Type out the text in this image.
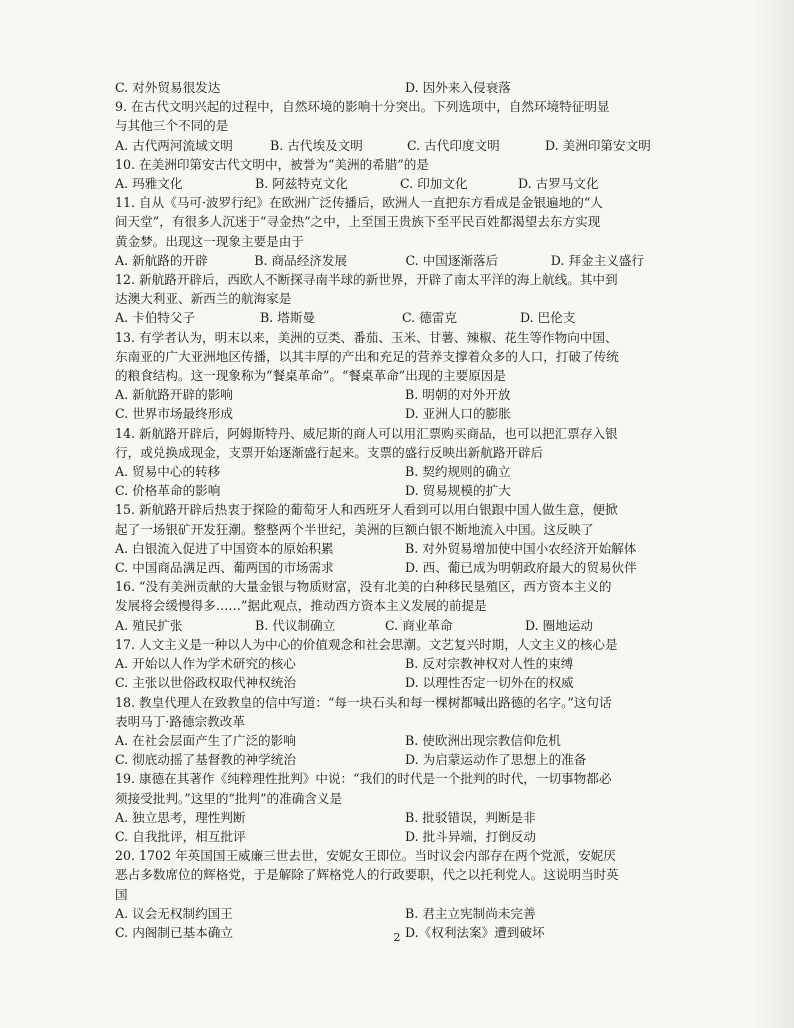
C. 对外贸易很发达	D. 因外来入侵衰落
9. 在古代文明兴起的过程中，自然环境的影响十分突出。下列选项中，自然环境特征明显
与其他三个不同的是
A. 古代两河流域文明	B. 古代埃及文明	C. 古代印度文明	D. 美洲印第安文明
10. 在美洲印第安古代文明中，被誉为“美洲的希腊”的是
A. 玛雅文化	B. 阿兹特克文化	C. 印加文化	D. 古罗马文化
11. 自从《马可·波罗行纪》在欧洲广泛传播后，欧洲人一直把东方看成是金银遍地的“人
间天堂”，有很多人沉迷于“寻金热”之中，上至国王贵族下至平民百姓都渴望去东方实现
黄金梦。出现这一现象主要是由于
A. 新航路的开辟	B. 商品经济发展	C. 中国逐渐落后	D. 拜金主义盛行
12. 新航路开辟后，西欧人不断探寻南半球的新世界，开辟了南太平洋的海上航线。其中到
达澳大利亚、新西兰的航海家是
A. 卡伯特父子	B. 塔斯曼	C. 德雷克	D. 巴伦支
13. 有学者认为，明末以来，美洲的豆类、番茄、玉米、甘薯、辣椒、花生等作物向中国、
东南亚的广大亚洲地区传播，以其丰厚的产出和充足的营养支撑着众多的人口，打破了传统
的粮食结构。这一现象称为“餐桌革命”。“餐桌革命”出现的主要原因是
A. 新航路开辟的影响	B. 明朝的对外开放
C. 世界市场最终形成	D. 亚洲人口的膨胀
14. 新航路开辟后，阿姆斯特丹、威尼斯的商人可以用汇票购买商品，也可以把汇票存入银
行，或兑换成现金，支票开始逐渐盛行起来。支票的盛行反映出新航路开辟后
A. 贸易中心的转移	B. 契约规则的确立
C. 价格革命的影响	D. 贸易规模的扩大
15. 新航路开辟后热衷于探险的葡萄牙人和西班牙人看到可以用白银跟中国人做生意，便掀
起了一场银矿开发狂潮。整整两个半世纪，美洲的巨额白银不断地流入中国。这反映了
A. 白银流入促进了中国资本的原始积累	B. 对外贸易增加使中国小农经济开始解体
C. 中国商品满足西、葡两国的市场需求	D. 西、葡已成为明朝政府最大的贸易伙伴
16. “没有美洲贡献的大量金银与物质财富，没有北美的白种移民垦殖区，西方资本主义的
发展将会缓慢得多……”据此观点，推动西方资本主义发展的前提是
A. 殖民扩张	B. 代议制确立	C. 商业革命	D. 圈地运动
17. 人文主义是一种以人为中心的价值观念和社会思潮。文艺复兴时期，人文主义的核心是
A. 开始以人作为学术研究的核心	B. 反对宗教神权对人性的束缚
C. 主张以世俗政权取代神权统治	D. 以理性否定一切外在的权威
18. 教皇代理人在致教皇的信中写道：“每一块石头和每一棵树都喊出路德的名字。”这句话
表明马丁·路德宗教改革
A. 在社会层面产生了广泛的影响	B. 使欧洲出现宗教信仰危机
C. 彻底动摇了基督教的神学统治	D. 为启蒙运动作了思想上的准备
19. 康德在其著作《纯粹理性批判》中说：“我们的时代是一个批判的时代，一切事物都必
须接受批判。”这里的“批判”的准确含义是
A. 独立思考，理性判断	B. 批驳错误，判断是非
C. 自我批评，相互批评	D. 批斗异端，打倒反动
20. 1702 年英国国王威廉三世去世，安妮女王即位。当时议会内部存在两个党派，安妮厌
恶占多数席位的辉格党，于是解除了辉格党人的行政要职，代之以托利党人。这说明当时英
国
A. 议会无权制约国王	B. 君主立宪制尚未完善
C. 内阁制已基本确立	D.《权利法案》遭到破坏
2
